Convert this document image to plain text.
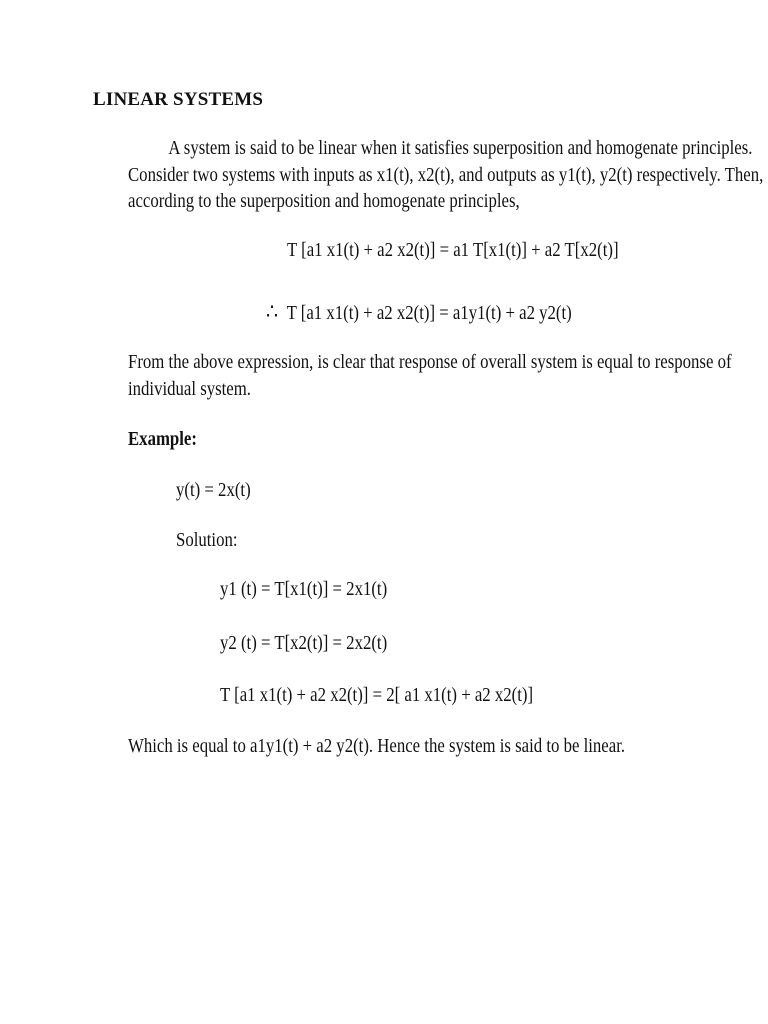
LINEAR SYSTEMS
A system is said to be linear when it satisfies superposition and homogenate principles.
Consider two systems with inputs as x1(t), x2(t), and outputs as y1(t), y2(t) respectively. Then,
according to the superposition and homogenate principles,
T [a1 x1(t) + a2 x2(t)] = a1 T[x1(t)] + a2 T[x2(t)]
∴ T [a1 x1(t) + a2 x2(t)] = a1y1(t) + a2 y2(t)
From the above expression, is clear that response of overall system is equal to response of
individual system.
Example:
y(t) = 2x(t)
Solution:
y1 (t) = T[x1(t)] = 2x1(t)
y2 (t) = T[x2(t)] = 2x2(t)
T [a1 x1(t) + a2 x2(t)] = 2[ a1 x1(t) + a2 x2(t)]
Which is equal to a1y1(t) + a2 y2(t). Hence the system is said to be linear.
